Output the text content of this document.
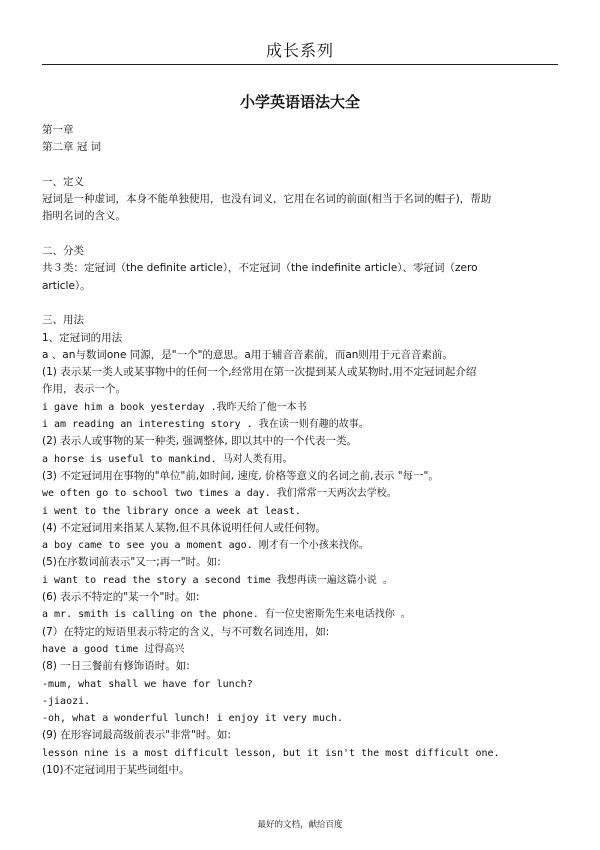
成长系列
小学英语语法大全
第一章
第二章 冠 词
一、定义
冠词是一种虚词，本身不能单独使用，也没有词义，它用在名词的前面(相当于名词的帽子)，帮助
指明名词的含义。
二、分类
共３类：定冠词（the definite article），不定冠词（the indefinite article）、零冠词（zero
article）。
三、用法
1、定冠词的用法
a 、an与数词one 同源，是"一个"的意思。a用于辅音音素前，而an则用于元音音素前。
(1) 表示某一类人或某事物中的任何一个,经常用在第一次提到某人或某物时,用不定冠词起介绍
作用，表示一个。
i gave him a book yesterday .我昨天给了他一本书
i am reading an interesting story . 我在读一则有趣的故事。
(2) 表示人或事物的某一种类, 强调整体, 即以其中的一个代表一类。
a horse is useful to mankind. 马对人类有用。
(3) 不定冠词用在事物的"单位"前,如时间, 速度, 价格等意义的名词之前,表示 "每一"。
we often go to school two times a day. 我们常常一天两次去学校。
i went to the library once a week at least.
(4) 不定冠词用来指某人某物,但不具体说明任何人或任何物。
a boy came to see you a moment ago. 刚才有一个小孩来找你。
(5)在序数词前表示"又一;再一"时。如:
i want to read the story a second time 我想再读一遍这篇小说 。
(6) 表示不特定的"某一个"时。如:
a mr. smith is calling on the phone. 有一位史密斯先生来电话找你 。
(7）在特定的短语里表示特定的含义，与不可数名词连用，如:
have a good time 过得高兴
(8) 一日三餐前有修饰语时。如:
-mum, what shall we have for lunch?
-jiaozi.
-oh, what a wonderful lunch! i enjoy it very much.
(9) 在形容词最高级前表示"非常"时。如:
lesson nine is a most difficult lesson, but it isn't the most difficult one.
(10)不定冠词用于某些词组中。
最好的文档，献给百度
